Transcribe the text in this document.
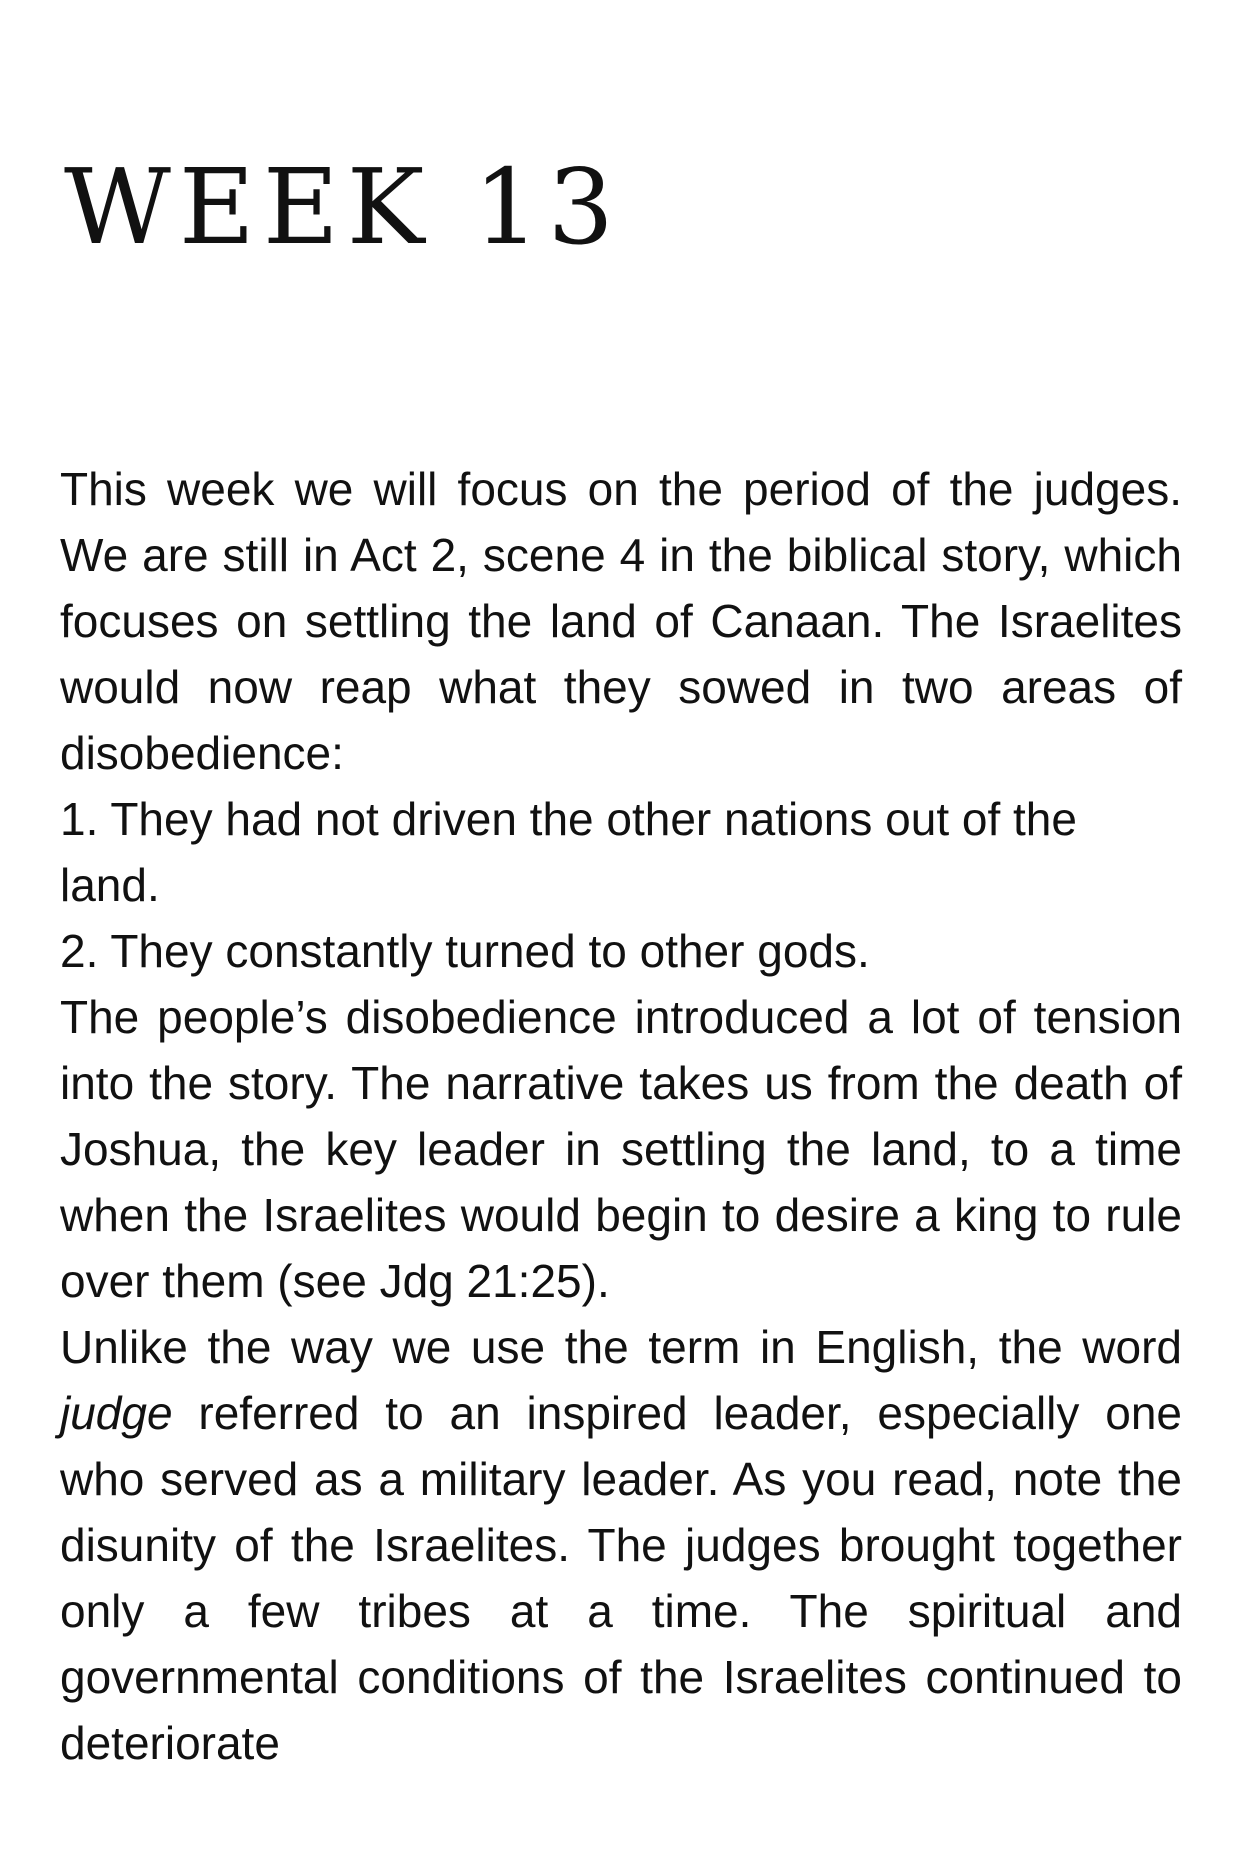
WEEK 13

This week we will focus on the period of the judges. We are still in Act 2, scene 4 in the biblical story, which focuses on settling the land of Canaan. The Israelites would now reap what they sowed in two areas of disobedience:

1. They had not driven the other nations out of the land.

2. They constantly turned to other gods.

The people’s disobedience introduced a lot of tension into the story. The narrative takes us from the death of Joshua, the key leader in settling the land, to a time when the Israelites would begin to desire a king to rule over them (see Jdg 21:25).

Unlike the way we use the term in English, the word judge referred to an inspired leader, especially one who served as a military leader. As you read, note the disunity of the Israelites. The judges brought together only a few tribes at a time. The spiritual and governmental conditions of the Israelites continued to deteriorate
